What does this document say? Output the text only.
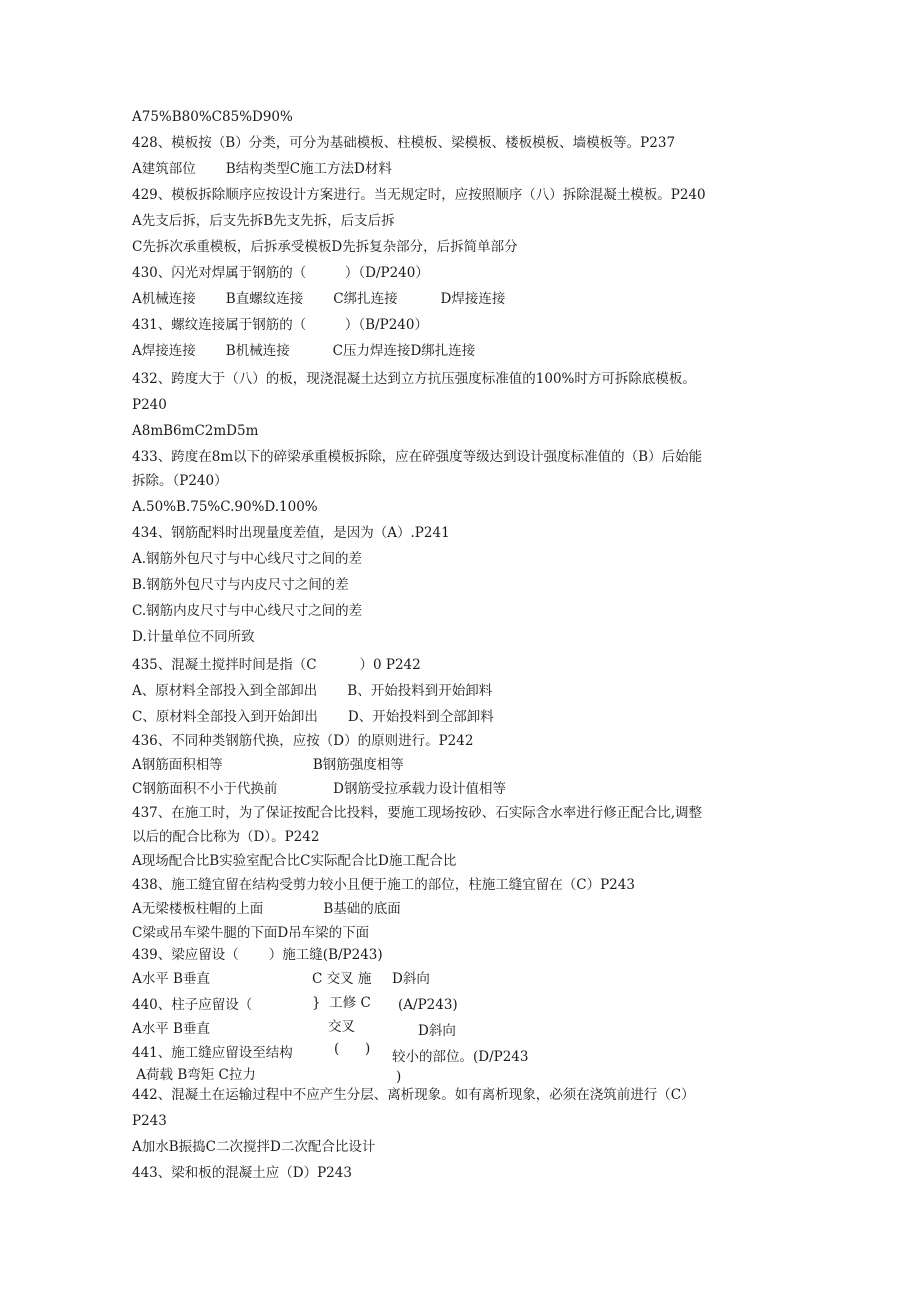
A75%B80%C85%D90%
428、模板按（B）分类，可分为基础模板、柱模板、梁模板、楼板模板、墙模板等。P237
A建筑部位       B结构类型C施工方法D材料
429、模板拆除顺序应按设计方案进行。当无规定时，应按照顺序（八）拆除混凝土模板。P240
A先支后拆，后支先拆B先支先拆，后支后拆
C先拆次承重模板，后拆承受模板D先拆复杂部分，后拆简单部分
430、闪光对焊属于钢筋的（         ）（D/P240）
A机械连接       B直螺纹连接       C绑扎连接          D焊接连接
431、螺纹连接属于钢筋的（         ）（B/P240）
A焊接连接       B机械连接          C压力焊连接D绑扎连接
432、跨度大于（八）的板，现浇混凝土达到立方抗压强度标准值的100%时方可拆除底模板。
P240
A8mB6mC2mD5m
433、跨度在8m以下的碎梁承重模板拆除，应在碎强度等级达到设计强度标准值的（B）后始能
拆除。（P240）
A.50%B.75%C.90%D.100%
434、钢筋配料时出现量度差值，是因为（A）.P241
A.钢筋外包尺寸与中心线尺寸之间的差
B.钢筋外包尺寸与内皮尺寸之间的差
C.钢筋内皮尺寸与中心线尺寸之间的差
D.计量单位不同所致
435、混凝土搅拌时间是指（C          ）0 P242
A、原材料全部投入到全部卸出       B、开始投料到开始卸料
C、原材料全部投入到开始卸出       D、开始投料到仝部卸料
436、不同种类钢筋代换，应按（D）的原则进行。P242
A钢筋面积相等                     B钢筋强度相等
C钢筋面积不小于代换前             D钢筋受拉承载力设计值相等
437、在施工时，为了保证按配合比投料，要施工现场按砂、石实际含水率进行修正配合比,调整
以后的配合比称为（D）。P242
A现场配合比B实验室配合比C实际配合比D施工配合比
438、施工缝宜留在结构受剪力较小且便于施工的部位，柱施工缝宜留在（C）P243
A无梁楼板柱帽的上面              B基础的底面
C梁或吊车梁牛腿的下面D吊车梁的下面
439、梁应留设（       ）施工缝(B/P243)
A水平 B垂直
440、柱子应留设（
A水平 B垂直
441、施工缝应留设至结构
A荷载 B弯矩 C拉力
442、混凝土在运输过程中不应产生分层、离析现象。如有离析现象，必须在浇筑前进行（C）
P243
A加水B振捣C二次搅拌D二次配合比设计
443、梁和板的混凝土应（D）P243
C 交叉 施 D斜向
}  工修 C (A/P243)
交叉	D斜向
(      ) 较小的部位。(D/P243
)
